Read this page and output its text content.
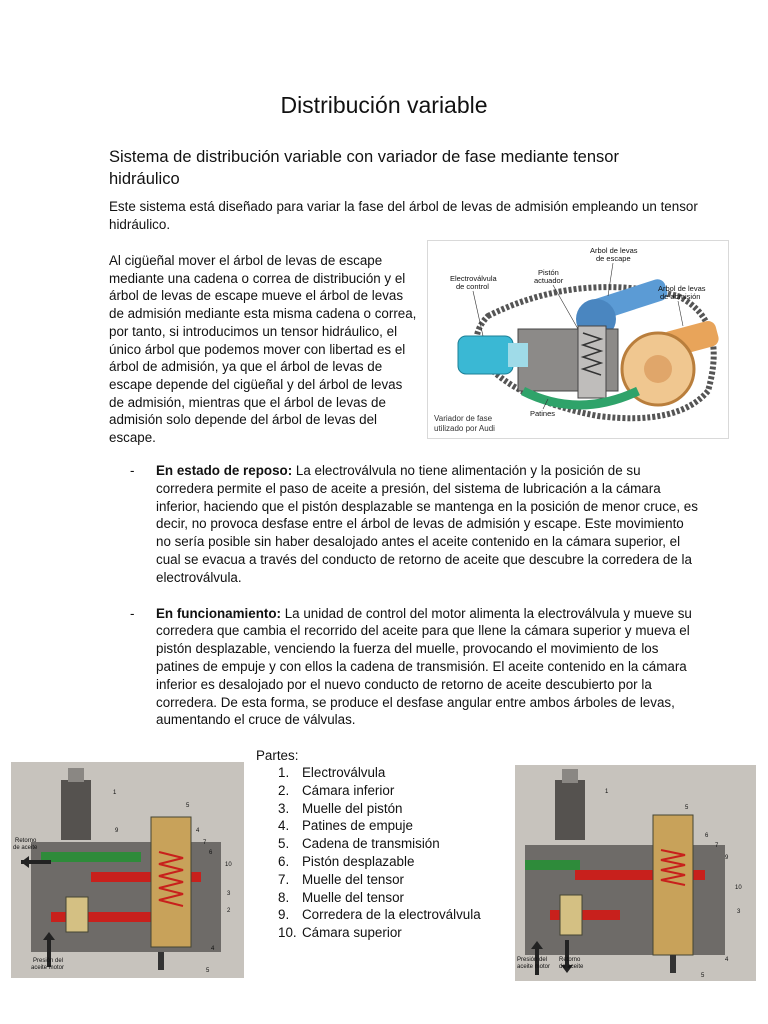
Distribución variable
Sistema de distribución variable con variador de fase mediante tensor hidráulico

Este sistema está diseñado para variar la fase del árbol de levas de admisión empleando un tensor hidráulico.

Al cigüeñal mover el árbol de levas de escape mediante una cadena o correa de distribución y el árbol de levas de escape mueve el árbol de levas de admisión mediante esta misma cadena o correa, por tanto, si introducimos un tensor hidráulico, el único árbol que podemos mover con libertad es el árbol de admisión, ya que el árbol de levas de escape depende del cigüeñal y del árbol de levas de admisión, mientras que el árbol de levas de admisión solo depende del árbol de levas del escape.

Arbol de levas
de escape
Pistón
actuador
Electroválvula
de control	Arbol de levas
de admisión
Patines
Variador de fase
utilizado por Audi
- En estado de reposo: La electroválvula no tiene alimentación y la posición de su corredera permite el paso de aceite a presión, del sistema de lubricación a la cámara inferior, haciendo que el pistón desplazable se mantenga en la posición de menor cruce, es decir, no provoca desfase entre el árbol de levas de admisión y escape. Este movimiento no sería posible sin haber desalojado antes el aceite contenido en la cámara superior, el cual se evacua a través del conducto de retorno de aceite que descubre la corredera de la electroválvula.
- En funcionamiento: La unidad de control del motor alimenta la electroválvula y mueve su corredera que cambia el recorrido del aceite para que llene la cámara superior y mueva el pistón desplazable, venciendo la fuerza del muelle, provocando el movimiento de los patines de empuje y con ellos la cadena de transmisión. El aceite contenido en la cámara inferior es desalojado por el nuevo conducto de retorno de aceite descubierto por la corredera. De esta forma, se produce el desfase angular entre ambos árboles de levas, aumentando el cruce de válvulas.

Partes:

1. Electroválvula
2. Cámara inferior
3. Muelle del pistón
4. Patines de empuje
5. Cadena de transmisión
6. Pistón desplazable
7. Muelle del tensor
8. Muelle del tensor
9. Corredera de la electroválvula
10. Cámara superior
Retorno
de aceite
Presión del
aceite motor
1
9
5
4
7
6
10
3
2
4
5
Presión del
aceite motor
Retorno
de aceite
1
5
6
7
9
10
3
4
5
